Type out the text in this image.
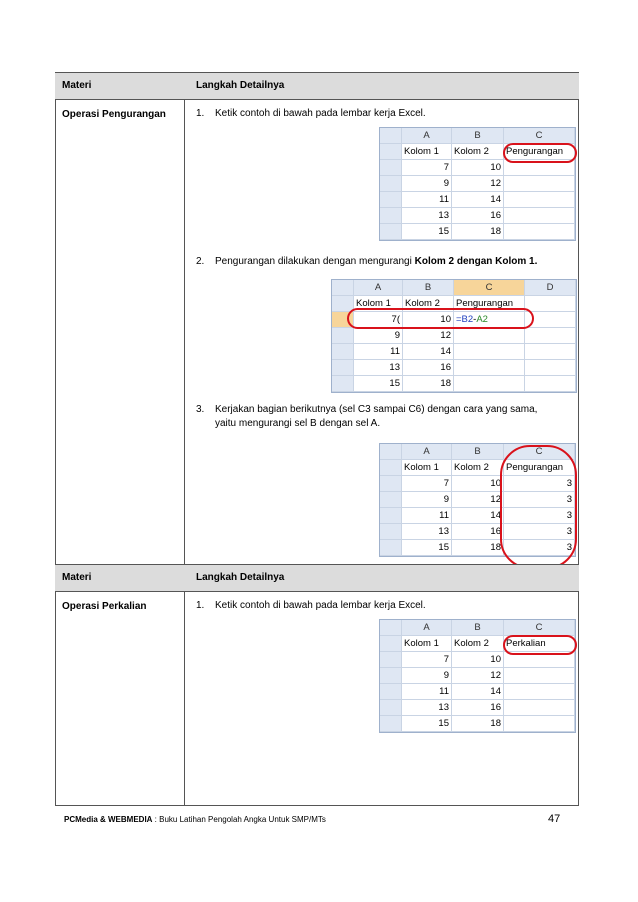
Materi	Langkah Detailnya
Operasi Pengurangan	1. Ketik contoh di bawah pada lembar kerja Excel.
A	B	C
Kolom 1	Kolom 2	Pengurangan
7	10
9	12
11	14
13	16
15	18
2. Pengurangan dilakukan dengan mengurangi Kolom 2 dengan Kolom 1.
A	B	C	D
Kolom 1	Kolom 2	Pengurangan
7(	10 =B2-A2
9	12
11	14
13	16
15	18
3. Kerjakan bagian berikutnya (sel C3 sampai C6) dengan cara yang sama,
yaitu mengurangi sel B dengan sel A.
A	B	C
Kolom 1	Kolom 2	Pengurangan
7	10	3
9	12	3
11	14	3
13	16	3
15	18	3
Materi	Langkah Detailnya
Operasi Perkalian	1. Ketik contoh di bawah pada lembar kerja Excel.
A	B	C
Kolom 1	Kolom 2	Perkalian
7	10
9	12
11	14
13	16
15	18
PCMedia & WEBMEDIA : Buku Latihan Pengolah Angka Untuk SMP/MTs	47
